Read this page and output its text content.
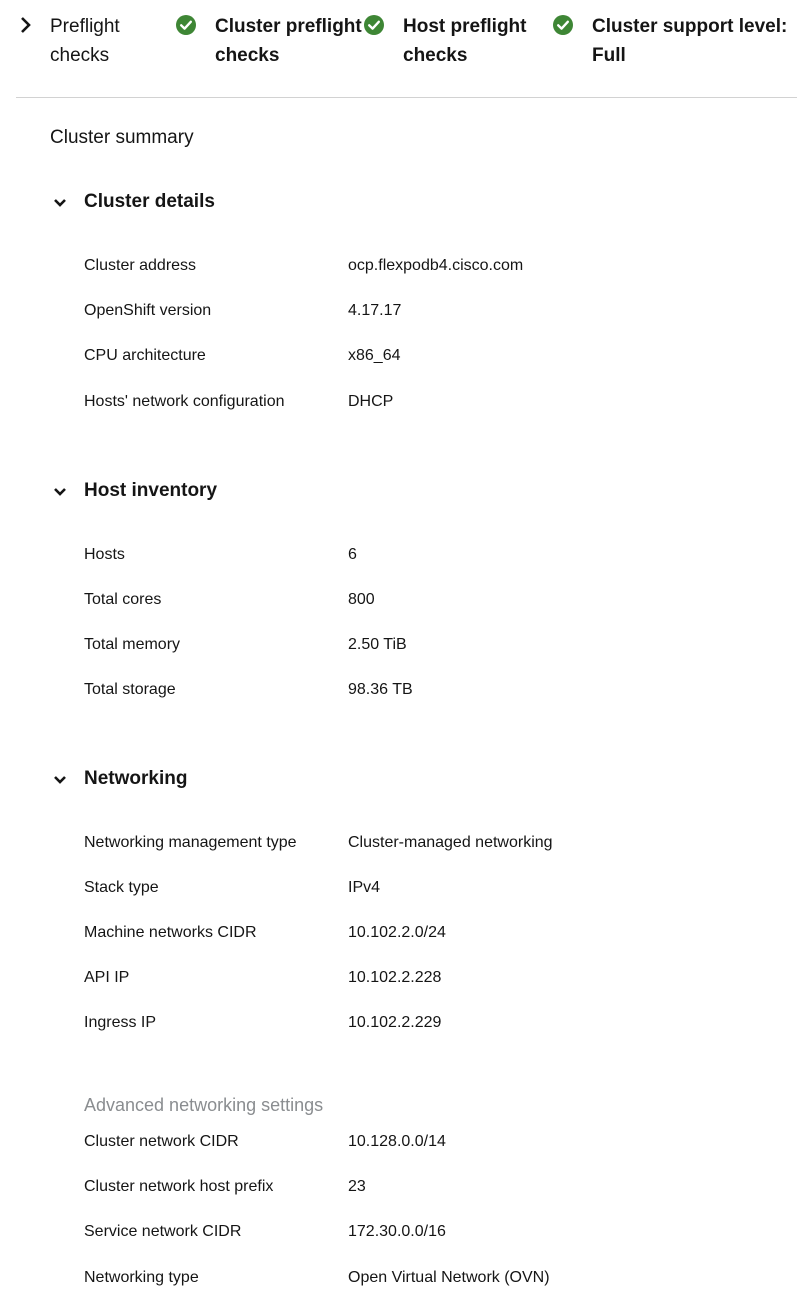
Preflight checks
Cluster preflight checks
Host preflight checks
Cluster support level: Full
Cluster summary
Cluster details
Cluster address	ocp.flexpodb4.cisco.com
OpenShift version	4.17.17
CPU architecture	x86_64
Hosts' network configuration	DHCP
Host inventory
Hosts	6
Total cores	800
Total memory	2.50 TiB
Total storage	98.36 TB
Networking
Networking management type	Cluster-managed networking
Stack type	IPv4
Machine networks CIDR	10.102.2.0/24
API IP	10.102.2.228
Ingress IP	10.102.2.229
Advanced networking settings
Cluster network CIDR	10.128.0.0/14
Cluster network host prefix	23
Service network CIDR	172.30.0.0/16
Networking type	Open Virtual Network (OVN)
